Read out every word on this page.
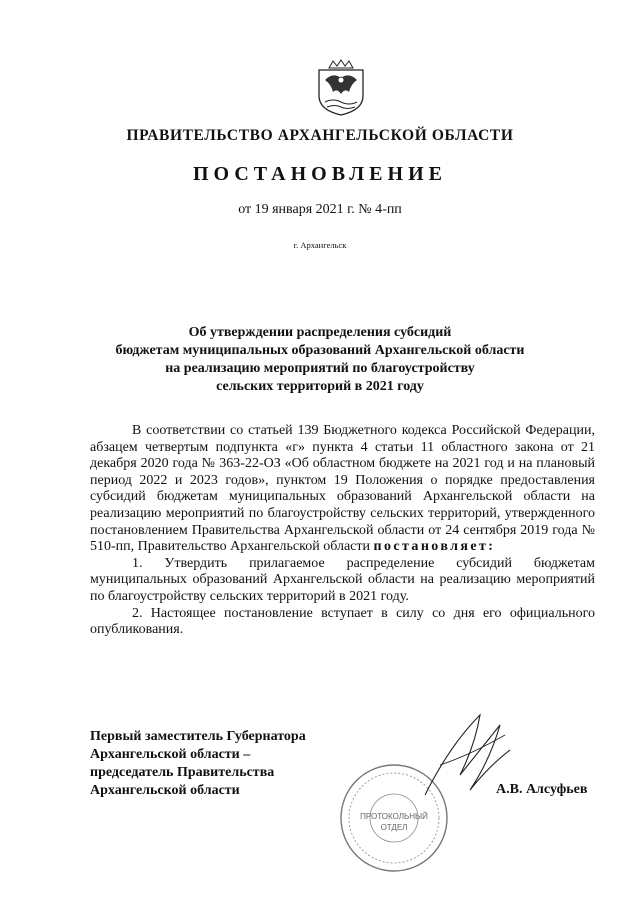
ПРАВИТЕЛЬСТВО АРХАНГЕЛЬСКОЙ ОБЛАСТИ
ПОСТАНОВЛЕНИЕ
от 19 января 2021 г. № 4-пп
г. Архангельск
Об утверждении распределения субсидий
бюджетам муниципальных образований Архангельской области
на реализацию мероприятий по благоустройству
сельских территорий в 2021 году

В соответствии со статьей 139 Бюджетного кодекса Российской Федерации, абзацем четвертым подпункта «г» пункта 4 статьи 11 областного закона от 21 декабря 2020 года № 363-22-ОЗ «Об областном бюджете на 2021 год и на плановый период 2022 и 2023 годов», пунктом 19 Положения о порядке предоставления субсидий бюджетам муниципальных образований Архангельской области на реализацию мероприятий по благоустройству сельских территорий, утвержденного постановлением Правительства Архангельской области от 24 сентября 2019 года № 510-пп, Правительство Архангельской области постановляет:

1. Утвердить прилагаемое распределение субсидий бюджетам муниципальных образований Архангельской области на реализацию мероприятий по благоустройству сельских территорий в 2021 году.

2. Настоящее постановление вступает в силу со дня его официального опубликования.

Первый заместитель Губернатора
Архангельской области –
председатель Правительства
Архангельской области
ПРОТОКОЛЬНЫЙ
ОТДЕЛ
А.В. Алсуфьев
